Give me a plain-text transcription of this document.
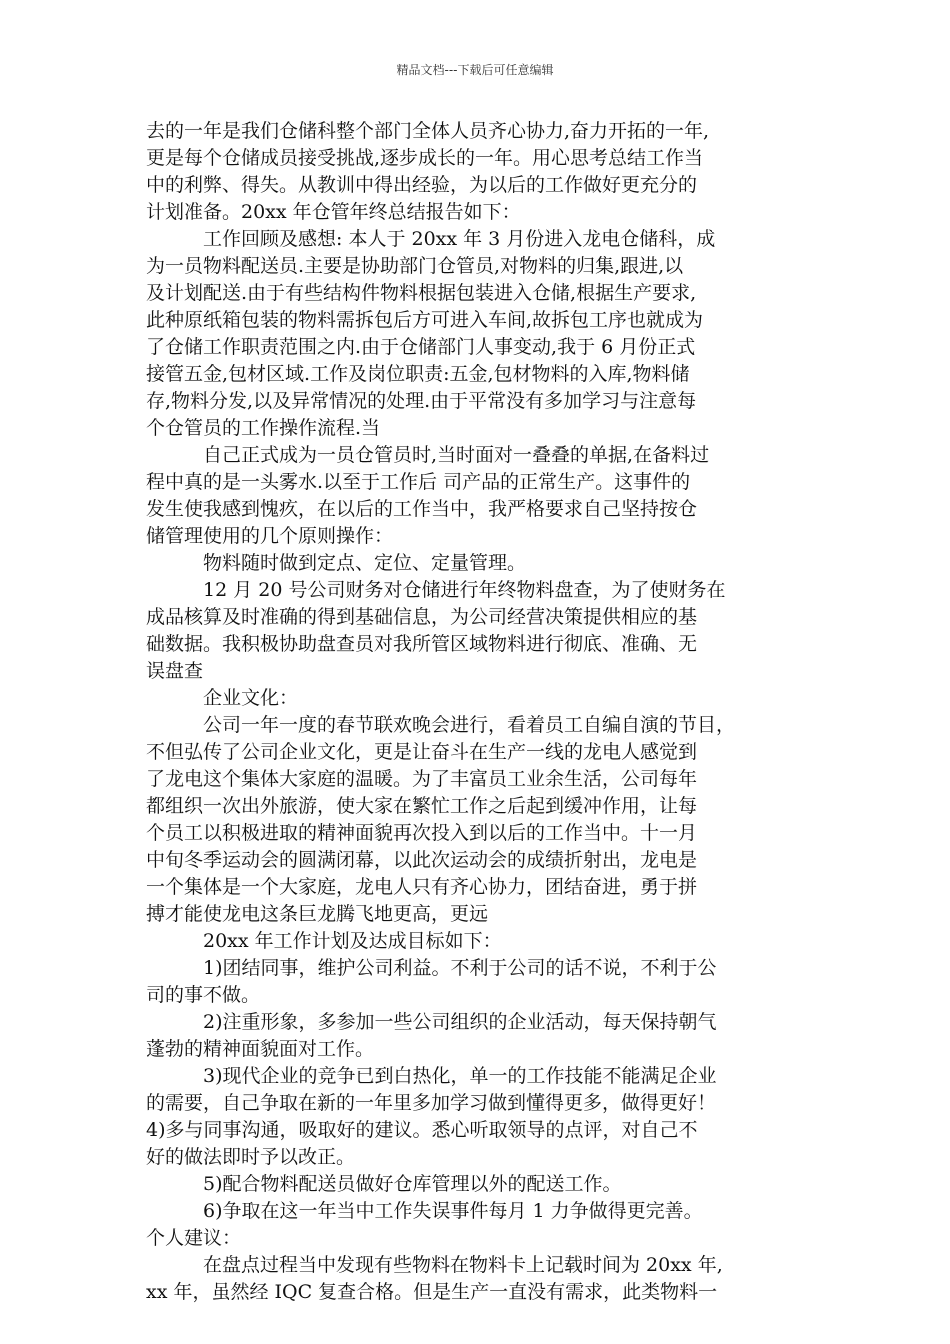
精品文档---下载后可任意编辑
去的一年是我们仓储科整个部门全体人员齐心协力,奋力开拓的一年,
更是每个仓储成员接受挑战,逐步成长的一年。用心思考总结工作当
中的利弊、得失。从教训中得出经验，为以后的工作做好更充分的
计划准备。20xx 年仓管年终总结报告如下：
工作回顾及感想: 本人于 20xx 年 3 月份进入龙电仓储科，成
为一员物料配送员.主要是协助部门仓管员,对物料的归集,跟进,以
及计划配送.由于有些结构件物料根据包装进入仓储,根据生产要求,
此种原纸箱包装的物料需拆包后方可进入车间,故拆包工序也就成为
了仓储工作职责范围之内.由于仓储部门人事变动,我于 6 月份正式
接管五金,包材区域.工作及岗位职责:五金,包材物料的入库,物料储
存,物料分发,以及异常情况的处理.由于平常没有多加学习与注意每
个仓管员的工作操作流程.当
自己正式成为一员仓管员时,当时面对一叠叠的单据,在备料过
程中真的是一头雾水.以至于工作后 司产品的正常生产。这事件的
发生使我感到愧疚，在以后的工作当中，我严格要求自己坚持按仓
储管理使用的几个原则操作：
物料随时做到定点、定位、定量管理。
12 月 20 号公司财务对仓储进行年终物料盘查，为了使财务在
成品核算及时准确的得到基础信息，为公司经营决策提供相应的基
础数据。我积极协助盘查员对我所管区域物料进行彻底、准确、无
误盘查
企业文化：
公司一年一度的春节联欢晚会进行，看着员工自编自演的节目，
不但弘传了公司企业文化，更是让奋斗在生产一线的龙电人感觉到
了龙电这个集体大家庭的温暖。为了丰富员工业余生活，公司每年
都组织一次出外旅游，使大家在繁忙工作之后起到缓冲作用，让每
个员工以积极进取的精神面貌再次投入到以后的工作当中。十一月
中旬冬季运动会的圆满闭幕，以此次运动会的成绩折射出，龙电是
一个集体是一个大家庭，龙电人只有齐心协力，团结奋进，勇于拼
搏才能使龙电这条巨龙腾飞地更高，更远
20xx 年工作计划及达成目标如下：
1)团结同事，维护公司利益。不利于公司的话不说，不利于公
司的事不做。
2)注重形象，多参加一些公司组织的企业活动，每天保持朝气
蓬勃的精神面貌面对工作。
3)现代企业的竞争已到白热化，单一的工作技能不能满足企业
的需要，自己争取在新的一年里多加学习做到懂得更多，做得更好！
4)多与同事沟通，吸取好的建议。悉心听取领导的点评，对自己不
好的做法即时予以改正。
5)配合物料配送员做好仓库管理以外的配送工作。
6)争取在这一年当中工作失误事件每月 1 力争做得更完善。
个人建议：
在盘点过程当中发现有些物料在物料卡上记载时间为 20xx 年,
xx 年，虽然经 IQC 复查合格。但是生产一直没有需求，此类物料一
